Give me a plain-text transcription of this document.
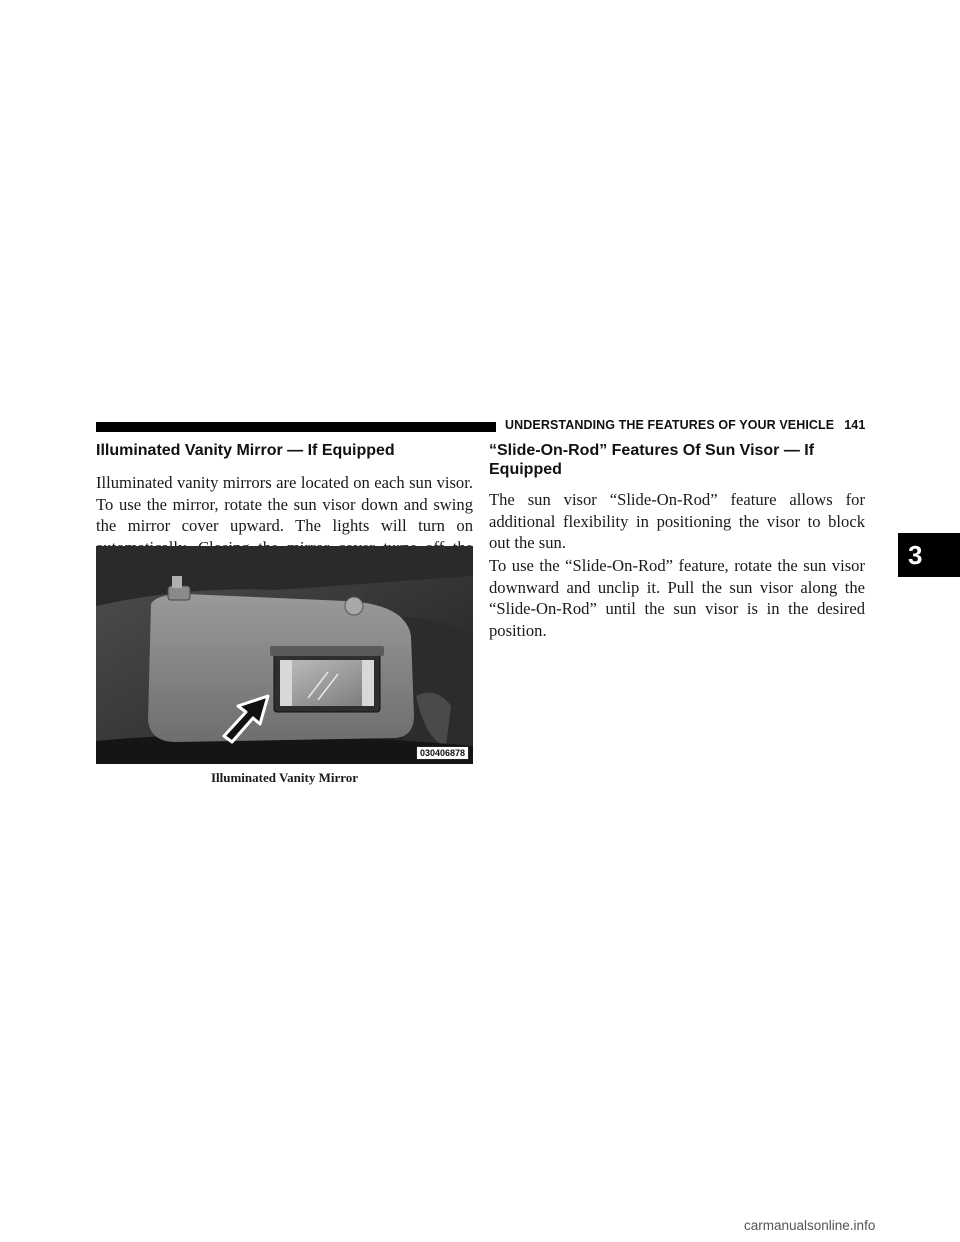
UNDERSTANDING THE FEATURES OF YOUR VEHICLE 141
Illuminated Vanity Mirror — If Equipped

Illuminated vanity mirrors are located on each sun visor. To use the mirror, rotate the sun visor down and swing the mirror cover upward. The lights will turn on

030406878
Illuminated Vanity Mirror
“Slide-On-Rod” Features Of Sun Visor — If Equipped

The sun visor “Slide-On-Rod” feature allows for additional flexibility in positioning the visor to block out the sun.

To use the “Slide-On-Rod” feature, rotate the sun visor downward and unclip it. Pull the sun visor along the “Slide-On-Rod” until the sun visor is in the desired position.

3
carmanualsonline.info
